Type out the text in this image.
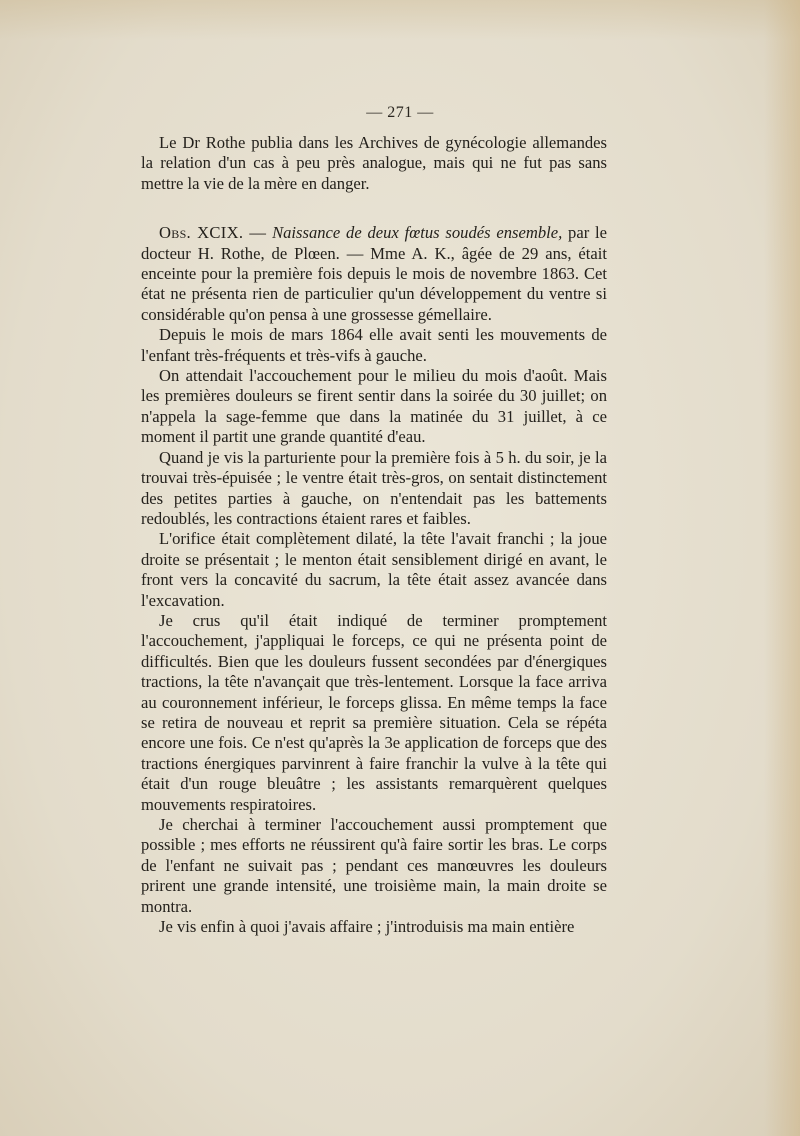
— 271 —

Le Dr Rothe publia dans les Archives de gynécologie allemandes la relation d'un cas à peu près analogue, mais qui ne fut pas sans mettre la vie de la mère en danger.

Obs. XCIX. — Naissance de deux fœtus soudés ensemble, par le docteur H. Rothe, de Plœen. — Mme A. K., âgée de 29 ans, était enceinte pour la première fois depuis le mois de novembre 1863. Cet état ne présenta rien de particulier qu'un développement du ventre si considérable qu'on pensa à une grossesse gémellaire.

Depuis le mois de mars 1864 elle avait senti les mouvements de l'enfant très-fréquents et très-vifs à gauche.

On attendait l'accouchement pour le milieu du mois d'août. Mais les premières douleurs se firent sentir dans la soirée du 30 juillet; on n'appela la sage-femme que dans la matinée du 31 juillet, à ce moment il partit une grande quantité d'eau.

Quand je vis la parturiente pour la première fois à 5 h. du soir, je la trouvai très-épuisée ; le ventre était très-gros, on sentait distinctement des petites parties à gauche, on n'entendait pas les battements redoublés, les contractions étaient rares et faibles.

L'orifice était complètement dilaté, la tête l'avait franchi ; la joue droite se présentait ; le menton était sensiblement dirigé en avant, le front vers la concavité du sacrum, la tête était assez avancée dans l'excavation.

Je crus qu'il était indiqué de terminer promptement l'accouchement, j'appliquai le forceps, ce qui ne présenta point de difficultés. Bien que les douleurs fussent secondées par d'énergiques tractions, la tête n'avançait que très-lentement. Lorsque la face arriva au couronnement inférieur, le forceps glissa. En même temps la face se retira de nouveau et reprit sa première situation. Cela se répéta encore une fois. Ce n'est qu'après la 3e application de forceps que des tractions énergiques parvinrent à faire franchir la vulve à la tête qui était d'un rouge bleuâtre ; les assistants remarquèrent quelques mouvements respiratoires.

Je cherchai à terminer l'accouchement aussi promptement que possible ; mes efforts ne réussirent qu'à faire sortir les bras. Le corps de l'enfant ne suivait pas ; pendant ces manœuvres les douleurs prirent une grande intensité, une troisième main, la main droite se montra.

Je vis enfin à quoi j'avais affaire ; j'introduisis ma main entière
